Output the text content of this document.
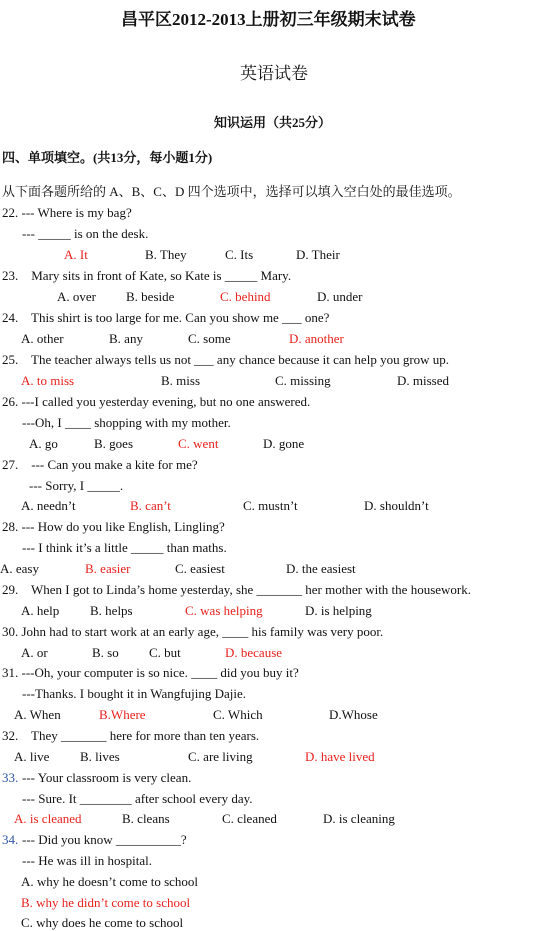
昌平区2012-2013上册初三年级期末试卷
英语试卷
知识运用（共25分）
四、单项填空。(共13分，每小题1分)
从下面各题所给的 A、B、C、D 四个选项中，选择可以填入空白处的最佳选项。
22. --- Where is my bag?
--- _____ is on the desk.
A. It	B. They	C. Its	D. Their
23.    Mary sits in front of Kate, so Kate is _____ Mary.
A. over B. beside	C. behind	D. under
24.    This shirt is too large for me. Can you show me ___ one?
A. other	B. any	C. some	D. another
25.    The teacher always tells us not ___ any chance because it can help you grow up.
A. to miss	B. miss	C. missing	D. missed
26. ---I called you yesterday evening, but no one answered.
---Oh, I ____ shopping with my mother.
A. go	B. goes	C. went	D. gone
27.    --- Can you make a kite for me?
--- Sorry, I _____.
A. needn’t	B. can’t	C. mustn’t	D. shouldn’t
28. --- How do you like English, Lingling?
--- I think it’s a little _____ than maths.
A. easy	B. easier	C. easiest	D. the easiest
29.    When I got to Linda’s home yesterday, she _______ her mother with the housework.
A. help B. helps	C. was helping	D. is helping
30. John had to start work at an early age, ____ his family was very poor.
A. or	B. so C. but	D. because
31. ---Oh, your computer is so nice. ____ did you buy it?
---Thanks. I bought it in Wangfujing Dajie.
A. When	B.Where	C. Which	D.Whose
32.    They _______ here for more than ten years.
A. live B. lives	C. are living	D. have lived
33. --- Your classroom is very clean.
--- Sure. It ________ after school every day.
A. is cleaned	B. cleans	C. cleaned	D. is cleaning
34. --- Did you know __________?
--- He was ill in hospital.
A. why he doesn’t come to school
B. why he didn’t come to school
C. why does he come to school
